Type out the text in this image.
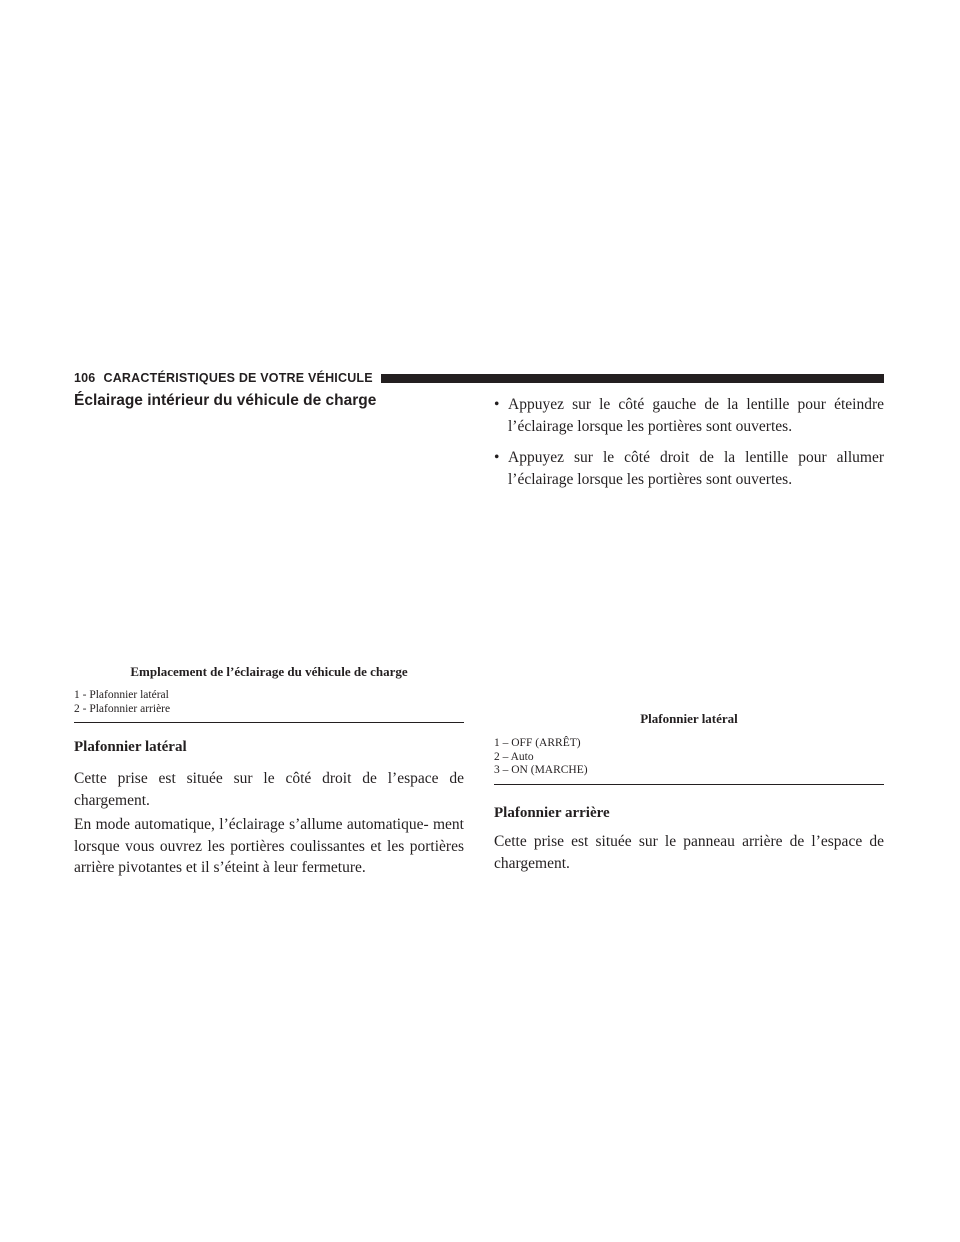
106 CARACTÉRISTIQUES DE VOTRE VÉHICULE
Éclairage intérieur du véhicule de charge
Emplacement de l’éclairage du véhicule de charge
1 - Plafonnier latéral
2 - Plafonnier arrière
Plafonnier latéral

Cette prise est située sur le côté droit de l’espace de chargement.

En mode automatique, l’éclairage s’allume automatique- ment lorsque vous ouvrez les portières coulissantes et les portières arrière pivotantes et il s’éteint à leur fermeture.

• Appuyez sur le côté gauche de la lentille pour éteindre l’éclairage lorsque les portières sont ouvertes.
• Appuyez sur le côté droit de la lentille pour allumer l’éclairage lorsque les portières sont ouvertes.
Plafonnier latéral
1 – OFF (ARRÊT)
2 – Auto
3 – ON (MARCHE)
Plafonnier arrière

Cette prise est située sur le panneau arrière de l’espace de chargement.
